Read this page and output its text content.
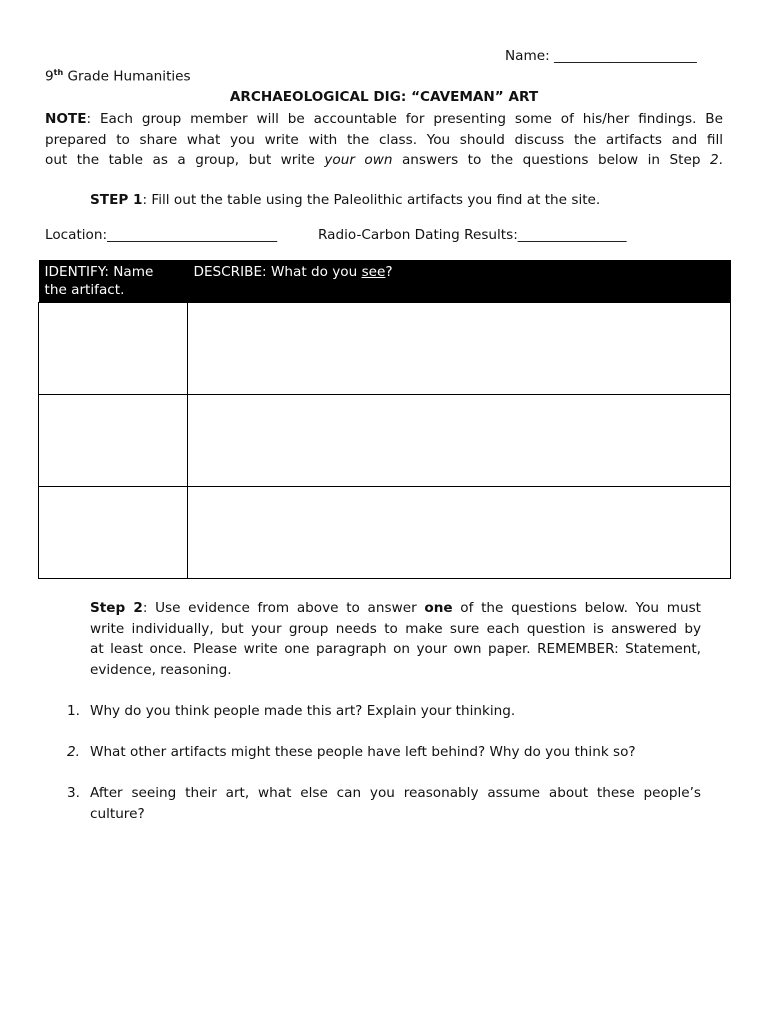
Name: _____________________
9th Grade Humanities
ARCHAEOLOGICAL DIG: “CAVEMAN” ART

NOTE: Each group member will be accountable for presenting some of his/her findings. Be

prepared to share what you write with the class. You should discuss the artifacts and fill

out the table as a group, but write your own answers to the questions below in Step 2.

STEP 1: Fill out the table using the Paleolithic artifacts you find at the site.
Location:_________________________	Radio-Carbon Dating Results:________________
IDENTIFY: Name
the artifact.	DESCRIBE: What do you see?

Step 2: Use evidence from above to answer one of the questions below. You must

write individually, but your group needs to make sure each question is answered by

at least once. Please write one paragraph on your own paper. REMEMBER: Statement,

evidence, reasoning.

1. Why do you think people made this art? Explain your thinking.
2. What other artifacts might these people have left behind? Why do you think so?
3. After seeing their art, what else can you reasonably assume about these people’s
culture?
